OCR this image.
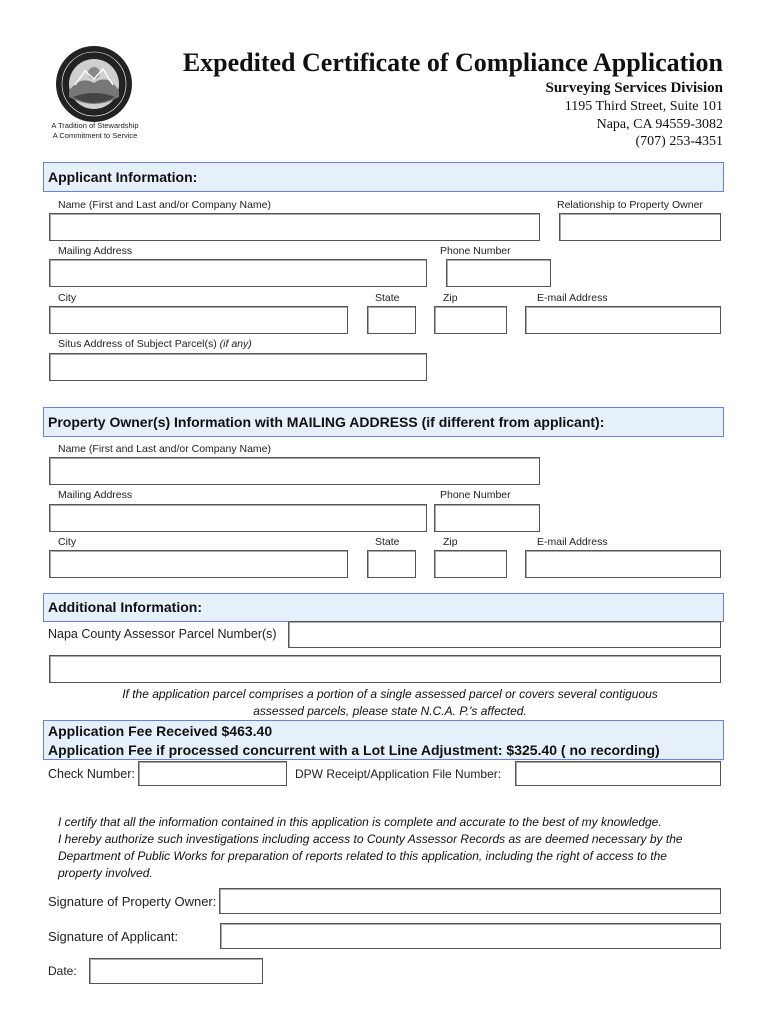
A Tradition of Stewardship
A Commitment to Service
Expedited Certificate of Compliance Application
Surveying Services Division
1195 Third Street, Suite 101
Napa, CA 94559-3082
(707) 253-4351
Applicant Information:
Name (First and Last and/or Company Name)	Relationship to Property Owner
Mailing Address	Phone Number
City	State	Zip	E-mail Address
Situs Address of Subject Parcel(s) (if any)
Property Owner(s) Information with MAILING ADDRESS (if different from applicant):
Name (First and Last and/or Company Name)
Mailing Address	Phone Number
City	State	Zip	E-mail Address
Additional Information:
Napa County Assessor Parcel Number(s)
If the application parcel comprises a portion of a single assessed parcel or covers several contiguous
assessed parcels, please state N.C.A. P.'s affected.
Application Fee Received $463.40
Application Fee if processed concurrent with a Lot Line Adjustment: $325.40 ( no recording)
Check Number:	DPW Receipt/Application File Number:
I certify that all the information contained in this application is complete and accurate to the best of my knowledge.
I hereby authorize such investigations including access to County Assessor Records as are deemed necessary by the
Department of Public Works for preparation of reports related to this application, including the right of access to the
property involved.
Signature of Property Owner:
Signature of Applicant:
Date:
